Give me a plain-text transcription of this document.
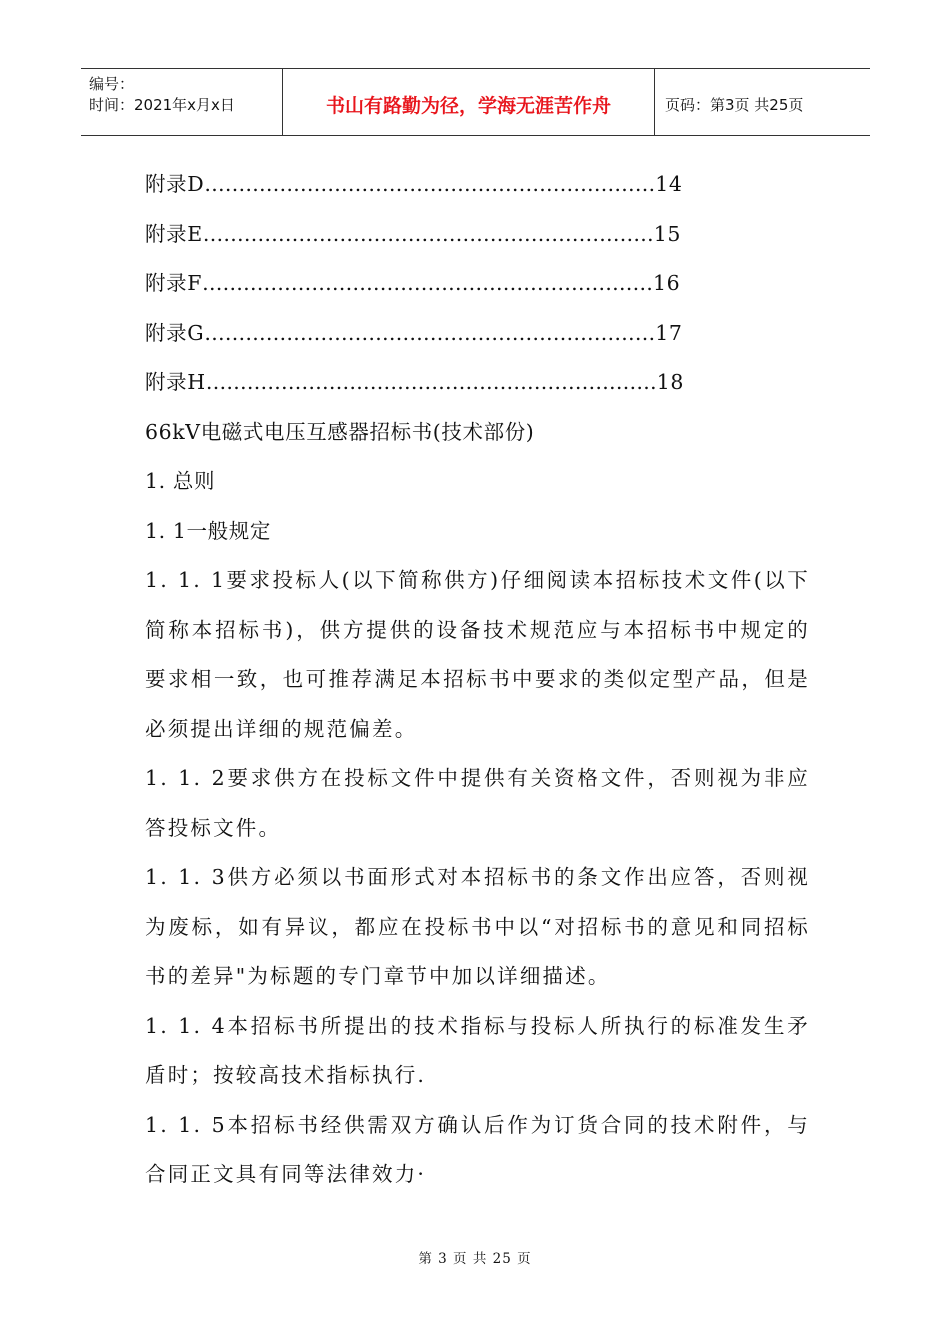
编号：
时间：2021年x月x日	书山有路勤为径，学海无涯苦作舟	页码：第3页 共25页
附录D ………………………………………………………… 14
附录E ………………………………………………………… 15
附录F ………………………………………………………… 16
附录G ………………………………………………………… 17
附录H ………………………………………………………… 18
66kV电磁式电压互感器招标书(技术部份)
1. 总则
1. 1一般规定
1. 1. 1要求投标人(以下简称供方)仔细阅读本招标技术文件(以下简称本招标书)，供方提供的设备技术规范应与本招标书中规定的要求相一致，也可推荐满足本招标书中要求的类似定型产品，但是必须提出详细的规范偏差。
1. 1. 2要求供方在投标文件中提供有关资格文件，否则视为非应答投标文件。
1. 1. 3供方必须以书面形式对本招标书的条文作出应答，否则视为废标，如有异议，都应在投标书中以“对招标书的意见和同招标书的差异"为标题的专门章节中加以详细描述。
1. 1. 4本招标书所提出的技术指标与投标人所执行的标准发生矛盾时；按较高技术指标执行.
1. 1. 5本招标书经供需双方确认后作为订货合同的技术附件，与合同正文具有同等法律效力·
第 3 页 共 25 页
